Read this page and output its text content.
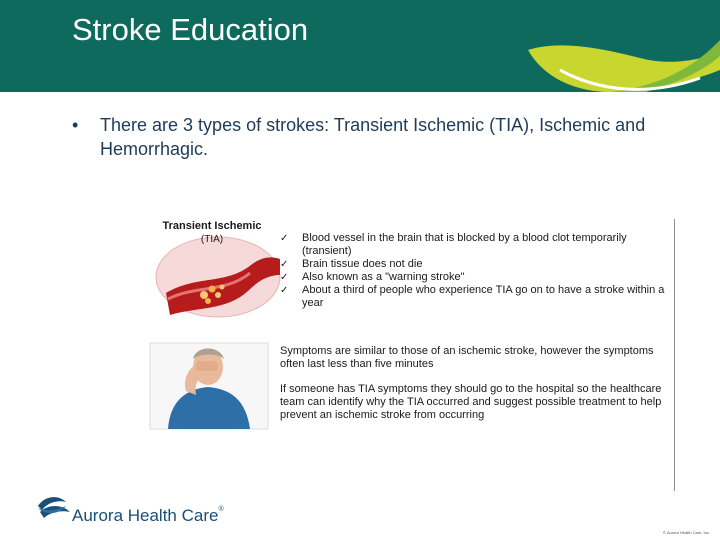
Stroke Education
•	There are 3 types of strokes: Transient Ischemic (TIA), Ischemic and Hemorrhagic.
Transient Ischemic
(TIA)	✓ Blood vessel in the brain that is blocked by a blood clot temporarily (transient)
✓ Brain tissue does not die
✓ Also known as a "warning stroke"
✓ About a third of people who experience TIA go on to have a stroke within a year
Symptoms are similar to those of an ischemic stroke, however the symptoms often last less than five minutes
If someone has TIA symptoms they should go to the hospital so the healthcare team can identify why the TIA occurred and suggest possible treatment to help prevent an ischemic stroke from occurring
Aurora Health Care®
© Aurora Health Care, Inc.
